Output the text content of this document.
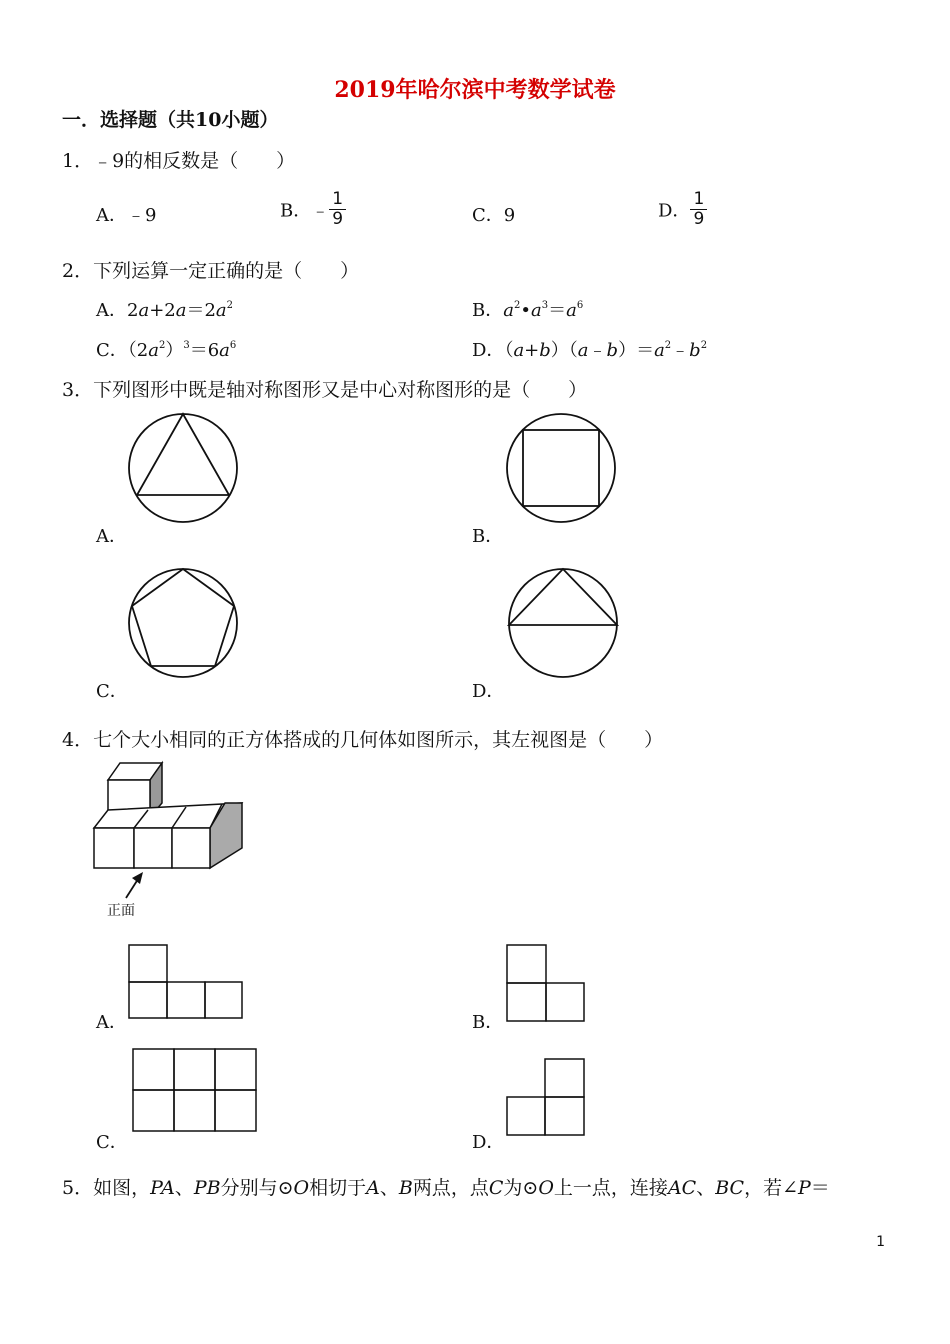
2019年哈尔滨中考数学试卷
一．选择题（共10小题）
1．﹣9的相反数是（　　）
A．﹣9	B．﹣ $\frac{1}{9}$	C．9	D． $\frac{1}{9}$
2．下列运算一定正确的是（　　）
A．$2a+2a=2a^2$	B．$a^2•a^3=a^6$
C．$(2a^2)^3=6a^6$	D．$(a+b)(a﹣b)=a^2﹣b^2$
3．下列图形中既是轴对称图形又是中心对称图形的是（　　）
A．	B．
C．	D．
4．七个大小相同的正方体搭成的几何体如图所示，其左视图是（　　）
正面
A．	B．
C．	D．
5．如图，PA、PB分别与⊙O相切于A、B两点，点C为⊙O上一点，连接AC、BC，若∠P＝
1
